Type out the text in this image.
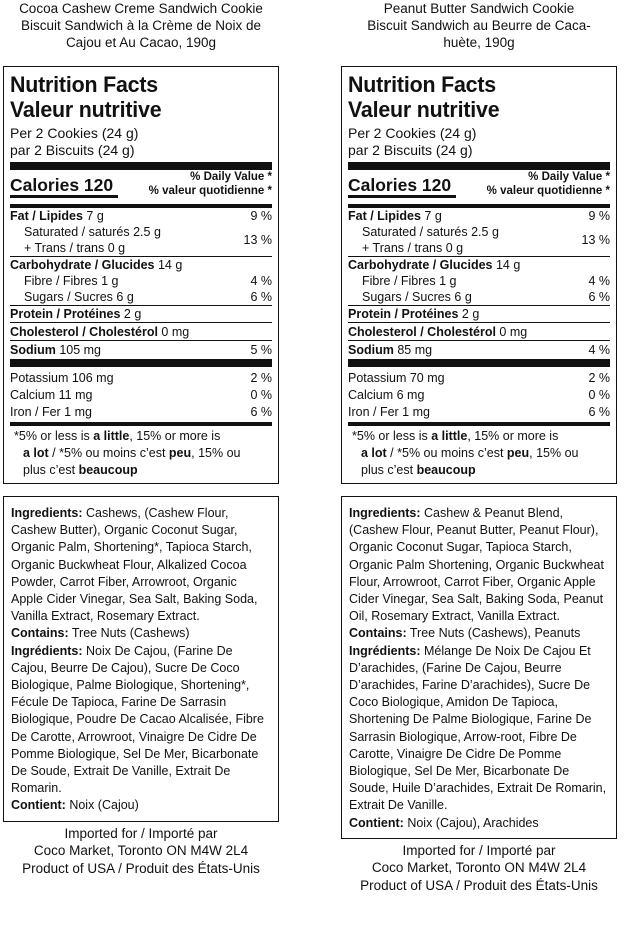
Cocoa Cashew Creme Sandwich Cookie
Biscuit Sandwich à la Crème de Noix de
Cajou et Au Cacao, 190g
Nutrition Facts
Valeur nutritive
Per 2 Cookies (24 g)
par 2 Biscuits (24 g)
Calories 120	% Daily Value *
% valeur quotidienne *
Fat / Lipides 7 g	9 %
Saturated / saturés 2.5 g
+ Trans / trans 0 g
13 %
Carbohydrate / Glucides 14 g
Fibre / Fibres 1 g	4 %
Sugars / Sucres 6 g	6 %
Protein / Protéines 2 g
Cholesterol / Cholestérol 0 mg
Sodium 105 mg	5 %
Potassium 106 mg	2 %
Calcium 11 mg	0 %
Iron / Fer 1 mg	6 %
*5% or less is a little, 15% or more is
a lot / *5% ou moins c’est peu, 15% ou
plus c’est beaucoup
Ingredients: Cashews, (Cashew Flour, Cashew Butter), Organic Coconut Sugar, Organic Palm, Shortening*, Tapioca Starch, Organic Buckwheat Flour, Alkalized Cocoa Powder, Carrot Fiber, Arrowroot, Organic Apple Cider Vinegar, Sea Salt, Baking Soda, Vanilla Extract, Rosemary Extract.
Contains: Tree Nuts (Cashews)
Ingrédients: Noix De Cajou, (Farine De Cajou, Beurre De Cajou), Sucre De Coco Biologique, Palme Biologique, Shortening*, Fécule De Tapioca, Farine De Sarrasin Biologique, Poudre De Cacao Alcalisée, Fibre De Carotte, Arrowroot, Vinaigre De Cidre De Pomme Biologique, Sel De Mer, Bicarbonate De Soude, Extrait De Vanille, Extrait De Romarin.
Contient: Noix (Cajou)
Imported for / Importé par
Coco Market, Toronto ON M4W 2L4
Product of USA / Produit des États-Unis
Peanut Butter Sandwich Cookie
Biscuit Sandwich au Beurre de Caca-
huète, 190g
Nutrition Facts
Valeur nutritive
Per 2 Cookies (24 g)
par 2 Biscuits (24 g)
Calories 120	% Daily Value *
% valeur quotidienne *
Fat / Lipides 7 g	9 %
Saturated / saturés 2.5 g
+ Trans / trans 0 g
13 %
Carbohydrate / Glucides 14 g
Fibre / Fibres 1 g	4 %
Sugars / Sucres 6 g	6 %
Protein / Protéines 2 g
Cholesterol / Cholestérol 0 mg
Sodium 85 mg	4 %
Potassium 70 mg	2 %
Calcium 6 mg	0 %
Iron / Fer 1 mg	6 %
*5% or less is a little, 15% or more is
a lot / *5% ou moins c’est peu, 15% ou
plus c’est beaucoup
Ingredients: Cashew & Peanut Blend, (Cashew Flour, Peanut Butter, Peanut Flour), Organic Coconut Sugar, Tapioca Starch, Organic Palm Shortening, Organic Buckwheat Flour, Arrowroot, Carrot Fiber, Organic Apple Cider Vinegar, Sea Salt, Baking Soda, Peanut Oil, Rosemary Extract, Vanilla Extract.
Contains: Tree Nuts (Cashews), Peanuts
Ingrédients: Mélange De Noix De Cajou Et D’arachides, (Farine De Cajou, Beurre D’arachides, Farine D’arachides), Sucre De Coco Biologique, Amidon De Tapioca, Shortening De Palme Biologique, Farine De Sarrasin Biologique, Arrow-root, Fibre De Carotte, Vinaigre De Cidre De Pomme Biologique, Sel De Mer, Bicarbonate De Soude, Huile D’arachides, Extrait De Romarin, Extrait De Vanille.
Contient: Noix (Cajou), Arachides
Imported for / Importé par
Coco Market, Toronto ON M4W 2L4
Product of USA / Produit des États-Unis
